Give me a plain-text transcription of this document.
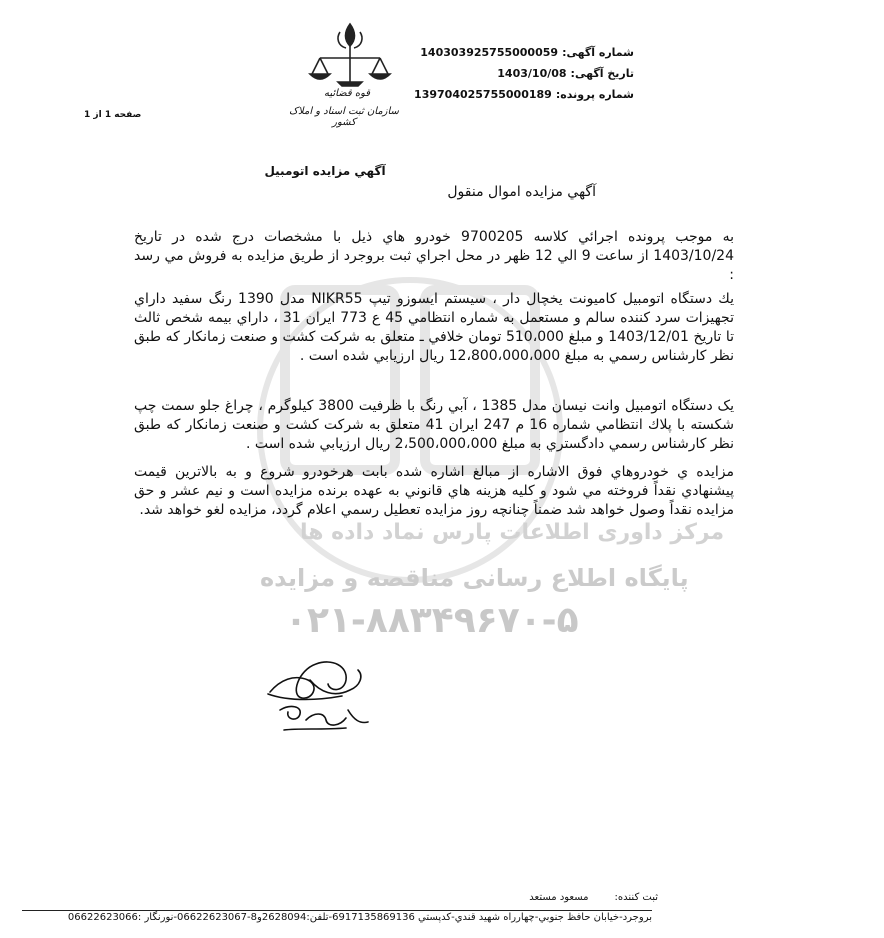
شماره آگهی:
140303925755000059
تاریخ آگهی:
1403/10/08
شماره پرونده:
139704025755000189
صفحه 1 از 1
قوه قضائیه
سازمان ثبت اسناد و املاک کشور
آگهي مزايده اتومبيل
آگهي مزايده اموال منقول
به موجب پرونده اجرائي كلاسه 9700205 خودرو هاي ذيل با مشخصات درج شده در تاريخ 1403/10/24 از ساعت 9 الي 12 ظهر در محل اجراي ثبت بروجرد از طريق مزايده به فروش مي رسد :
يك دستگاه اتومبيل كاميونت يخچال دار ، سيستم ايسوزو تيپ NIKR55 مدل 1390 رنگ سفيد داراي تجهيزات سرد كننده سالم و مستعمل به شماره انتظامي 45 ع 773 ايران 31 ، داراي بيمه شخص ثالث تا تاريخ 1403/12/01 و مبلغ 510،000 تومان خلافي ـ متعلق به شركت كشت و صنعت زمانكار كه طبق نظر كارشناس رسمي به مبلغ 12،800،000،000 ريال ارزيابي شده است .
یک دستگاه اتومبیل وانت نیسان مدل 1385 ، آبي رنگ با ظرفيت 3800 كيلوگرم ، چراغ جلو سمت چپ شكسته با پلاك انتظامي شماره 16 م 247 ايران 41 متعلق به شركت كشت و صنعت زمانكار كه طبق نظر كارشناس رسمي دادگستري به مبلغ 2،500،000،000 ريال ارزيابي شده است .
مزايده ي خودروهاي فوق الاشاره از مبالغ اشاره شده بابت هرخودرو شروع و به بالاترين قيمت پيشنهادي نقداً فروخته مي شود و كليه هزينه هاي قانوني به عهده برنده مزايده است و نيم عشر و حق مزايده نقداً وصول خواهد شد ضمناً چنانچه روز مزايده تعطيل رسمي اعلام گردد، مزايده لغو خواهد شد.
مرکز داوری اطلاعات پارس نماد داده ها
پایگاه اطلاع رسانی مناقصه و مزایده
۰۲۱-۸۸۳۴۹۶۷۰-۵
ثبت كننده:
مسعود مستعد
بروجرد-خيابان حافظ جنوبي-چهارراه شهيد قندي-كدپستي 6917135869136-تلفن:2628094و8-06622623067-نورنگار :06622623066
